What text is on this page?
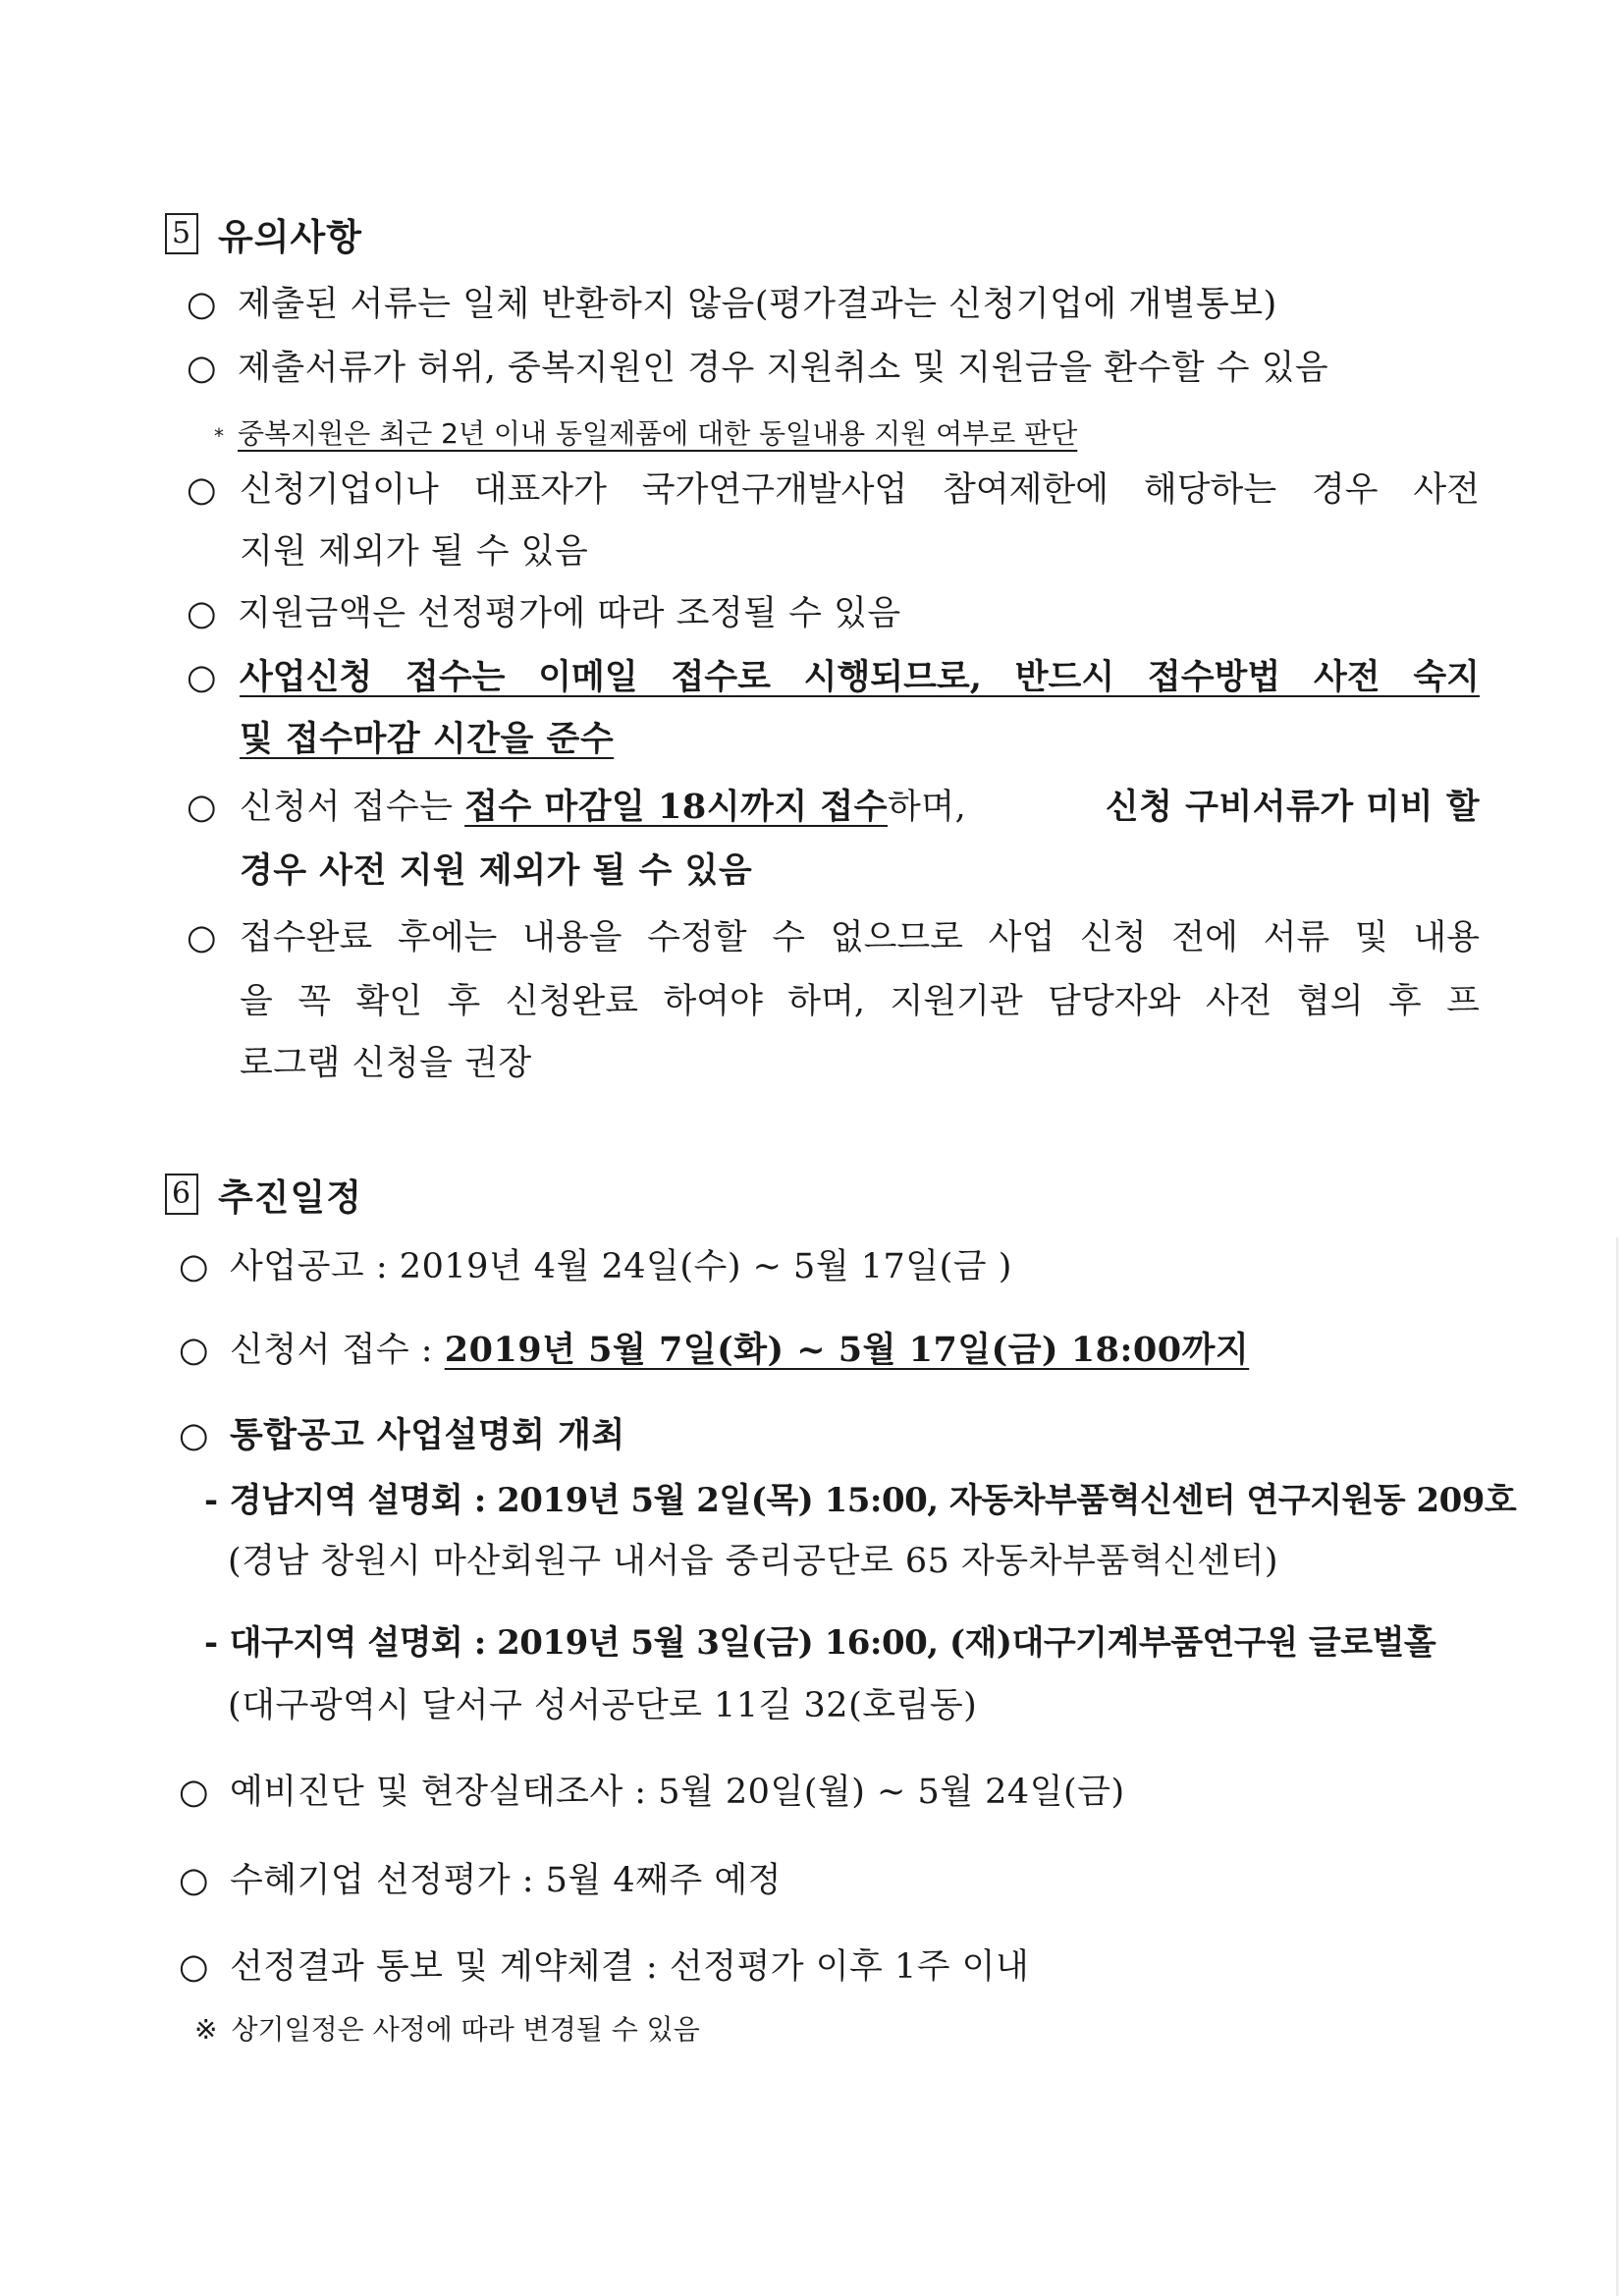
5 유의사항
○ 제출된 서류는 일체 반환하지 않음(평가결과는 신청기업에 개별통보)
○ 제출서류가 허위, 중복지원인 경우 지원취소 및 지원금을 환수할 수 있음
* 중복지원은 최근 2년 이내 동일제품에 대한 동일내용 지원 여부로 판단
○ 신청기업이나 대표자가 국가연구개발사업 참여제한에 해당하는 경우 사전
지원 제외가 될 수 있음
○ 지원금액은 선정평가에 따라 조정될 수 있음
○ 사업신청 접수는 이메일 접수로 시행되므로, 반드시 접수방법 사전 숙지
및 접수마감 시간을 준수
○ 신청서 접수는 접수 마감일 18시까지 접수하며,	신청 구비서류가 미비 할
경우 사전 지원 제외가 될 수 있음
○ 접수완료 후에는 내용을 수정할 수 없으므로 사업 신청 전에 서류 및 내용
을 꼭 확인 후 신청완료 하여야 하며, 지원기관 담당자와 사전 협의 후 프
로그램 신청을 권장
6 추진일정
○ 사업공고 : 2019년 4월 24일(수) ~ 5월 17일(금 )
○ 신청서 접수 : 2019년 5월 7일(화) ~ 5월 17일(금) 18:00까지
○ 통합공고 사업설명회 개최
- 경남지역 설명회 : 2019년 5월 2일(목) 15:00, 자동차부품혁신센터 연구지원동 209호
(경남 창원시 마산회원구 내서읍 중리공단로 65 자동차부품혁신센터)
- 대구지역 설명회 : 2019년 5월 3일(금) 16:00, (재)대구기계부품연구원 글로벌홀
(대구광역시 달서구 성서공단로 11길 32(호림동)
○ 예비진단 및 현장실태조사 : 5월 20일(월) ~ 5월 24일(금)
○ 수혜기업 선정평가 : 5월 4째주 예정
○ 선정결과 통보 및 계약체결 : 선정평가 이후 1주 이내
※ 상기일정은 사정에 따라 변경될 수 있음
